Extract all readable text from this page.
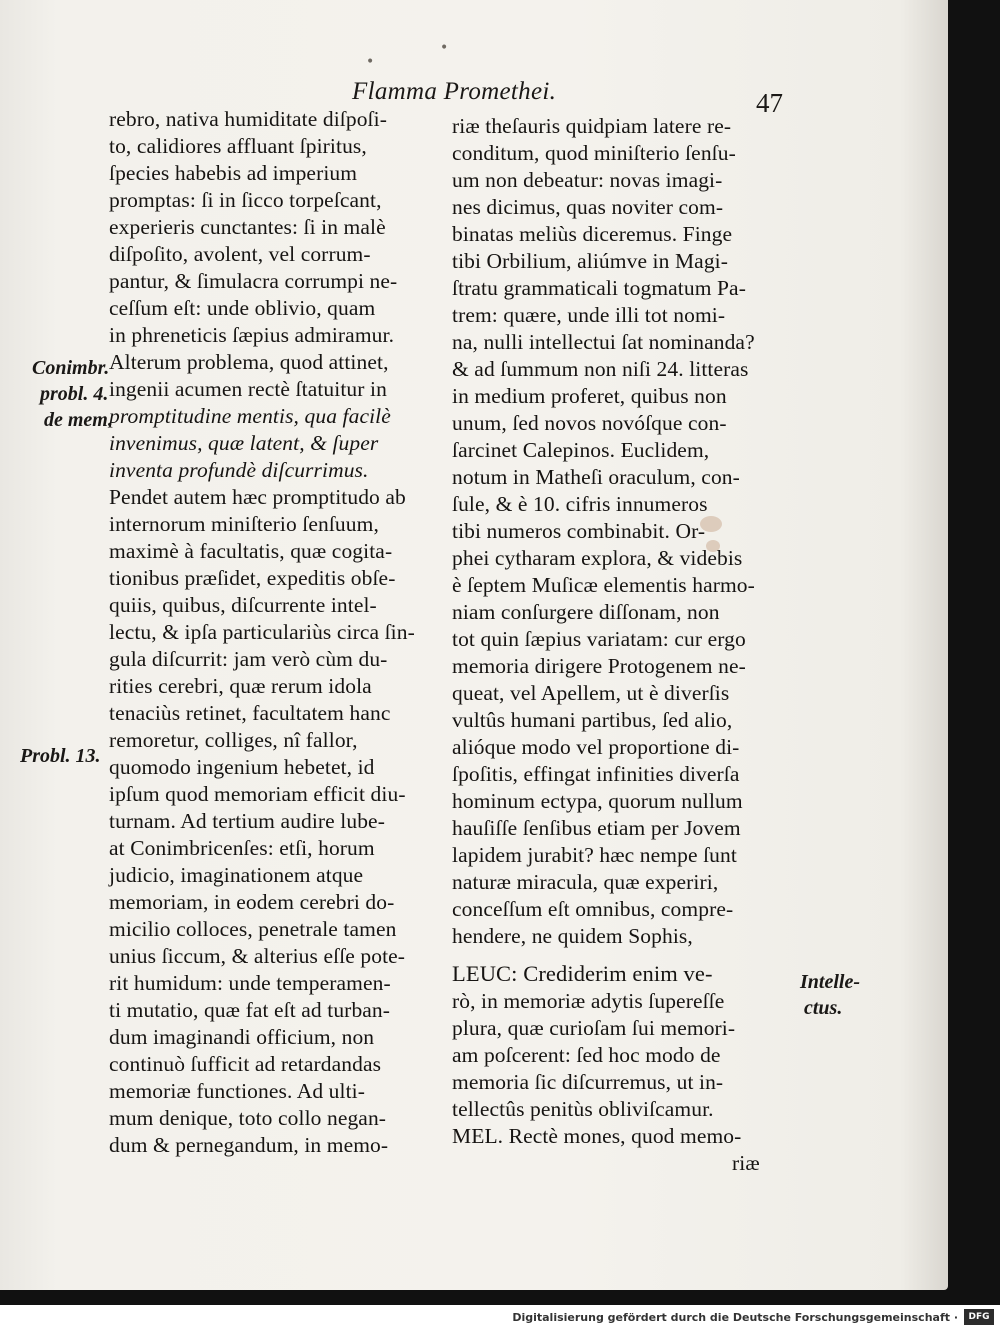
•
•
Flamma Promethei.	47
rebro, nativa humiditate diſpoſi-
to, calidiores affluant ſpiritus,
ſpecies habebis ad imperium
promptas: ſi in ſicco torpeſcant,
experieris cunctantes: ſi in malè
diſpoſito, avolent, vel corrum-
pantur, & ſimulacra corrumpi ne-
ceſſum eſt: unde oblivio, quam
in phreneticis ſæpius admiramur.
Alterum problema, quod attinet,
ingenii acumen rectè ſtatuitur in
promptitudine mentis, qua facilè
invenimus, quæ latent, & ſuper
inventa profundè diſcurrimus.
Pendet autem hæc promptitudo ab
internorum miniſterio ſenſuum,
maximè à facultatis, quæ cogita-
tionibus præſidet, expeditis obſe-
quiis, quibus, diſcurrente intel-
lectu, & ipſa particulariùs circa ſin-
gula diſcurrit: jam verò cùm du-
rities cerebri, quæ rerum idola
tenaciùs retinet, facultatem hanc
remoretur, colliges, nî fallor,
quomodo ingenium hebetet, id
ipſum quod memoriam efficit diu-
turnam. Ad tertium audire lube-
at Conimbricenſes: etſi, horum
judicio, imaginationem atque
memoriam, in eodem cerebri do-
micilio colloces, penetrale tamen
unius ſiccum, & alterius eſſe pote-
rit humidum: unde temperamen-
ti mutatio, quæ fat eſt ad turban-
dum imaginandi officium, non
continuò ſufficit ad retardandas
memoriæ functiones. Ad ulti-
mum denique, toto collo negan-
dum & pernegandum, in memo-
riæ theſauris quidpiam latere re-
conditum, quod miniſterio ſenſu-
um non debeatur: novas imagi-
nes dicimus, quas noviter com-
binatas meliùs diceremus. Finge
tibi Orbilium, aliúmve in Magi-
ſtratu grammaticali togmatum Pa-
trem: quære, unde illi tot nomi-
na, nulli intellectui ſat nominanda?
& ad ſummum non niſi 24. litteras
in medium proferet, quibus non
unum, ſed novos novóſque con-
ſarcinet Calepinos. Euclidem,
notum in Matheſi oraculum, con-
ſule, & è 10. cifris innumeros
tibi numeros combinabit. Or-
phei cytharam explora, & videbis
è ſeptem Muſicæ elementis harmo-
niam conſurgere diſſonam, non
tot quin ſæpius variatam: cur ergo
memoria dirigere Protogenem ne-
queat, vel Apellem, ut è diverſis
vultûs humani partibus, ſed alio,
alióque modo vel proportione di-
ſpoſitis, effingat infinities diverſa
hominum ectypa, quorum nullum
hauſiſſe ſenſibus etiam per Jovem
lapidem jurabit? hæc nempe ſunt
naturæ miracula, quæ experiri,
conceſſum eſt omnibus, compre-
hendere, ne quidem Sophis,
LEUC: Crediderim enim ve-
rò, in memoriæ adytis ſupereſſe
plura, quæ curioſam ſui memori-
am poſcerent: ſed hoc modo de
memoria ſic diſcurremus, ut in-
tellectûs penitùs obliviſcamur.
MEL. Rectè mones, quod memo-
riæ
Conimbr.
probl. 4.
de mem.
Probl. 13.
Intelle-
ctus.
Digitalisierung gefördert durch die Deutsche Forschungsgemeinschaft ·	DFG
